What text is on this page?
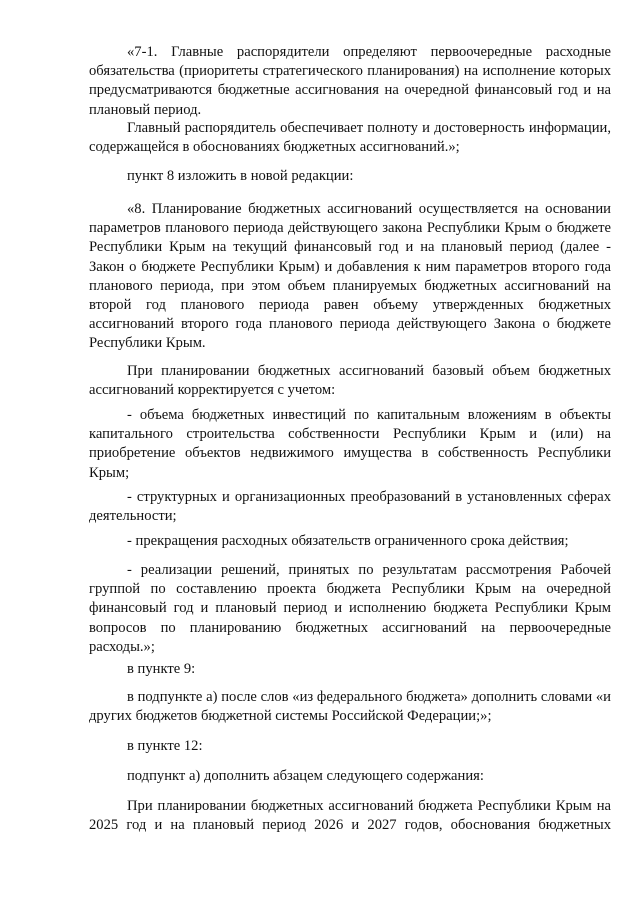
«7-1. Главные распорядители определяют первоочередные расходные обязательства (приоритеты стратегического планирования) на исполнение которых предусматриваются бюджетные ассигнования на очередной финансовый год и на плановый период.

Главный распорядитель обеспечивает полноту и достоверность информации, содержащейся в обоснованиях бюджетных ассигнований.»;

пункт 8 изложить в новой редакции:

«8. Планирование бюджетных ассигнований осуществляется на основании параметров планового периода действующего закона Республики Крым о бюджете Республики Крым на текущий финансовый год и на плановый период (далее - Закон о бюджете Республики Крым) и добавления к ним параметров второго года планового периода, при этом объем планируемых бюджетных ассигнований на второй год планового периода равен объему утвержденных бюджетных ассигнований второго года планового периода действующего Закона о бюджете Республики Крым.

При планировании бюджетных ассигнований базовый объем бюджетных ассигнований корректируется с учетом:

- объема бюджетных инвестиций по капитальным вложениям в объекты капитального строительства собственности Республики Крым и (или) на приобретение объектов недвижимого имущества в собственность Республики Крым;

- структурных и организационных преобразований в установленных сферах деятельности;

- прекращения расходных обязательств ограниченного срока действия;

- реализации решений, принятых по результатам рассмотрения Рабочей группой по составлению проекта бюджета Республики Крым на очередной финансовый год и плановый период и исполнению бюджета Республики Крым вопросов по планированию бюджетных ассигнований на первоочередные расходы.»;

в пункте 9:

в подпункте а) после слов «из федерального бюджета» дополнить словами «и других бюджетов бюджетной системы Российской Федерации;»;

в пункте 12:

подпункт а) дополнить абзацем следующего содержания:

При планировании бюджетных ассигнований бюджета Республики Крым на 2025 год и на плановый период 2026 и 2027 годов, обоснования бюджетных
